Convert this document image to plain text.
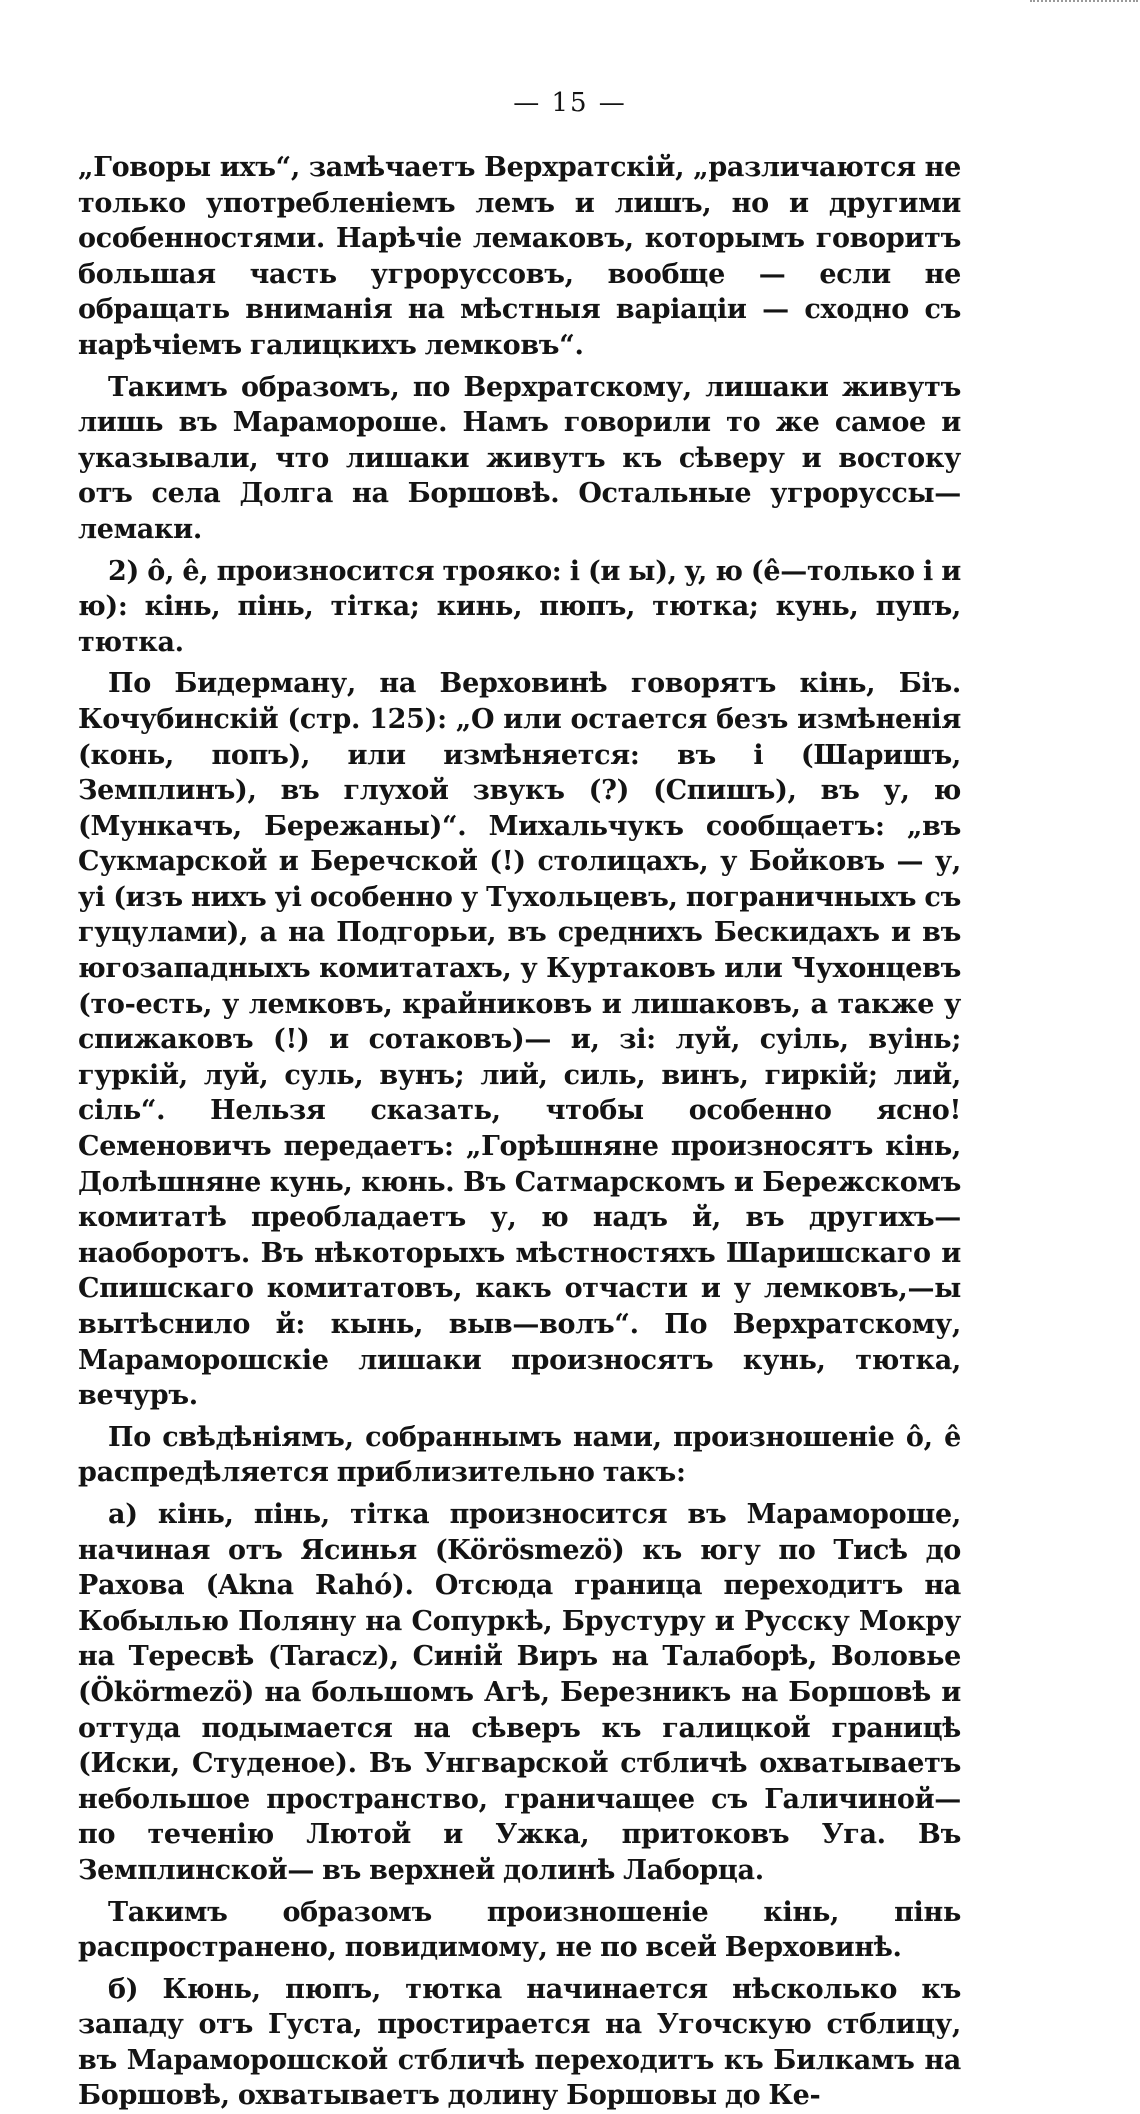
— 15 —

„Говоры ихъ“, замѣчаетъ Верхратскій, „различаются не только употребленіемъ лемъ и лишъ, но и другими особенностями. Нарѣчіе лемаковъ, которымъ говоритъ большая часть угроруссовъ, вообще — если не обращать вниманія на мѣстныя варіаціи — сходно съ нарѣчіемъ галицкихъ лемковъ“.

Такимъ образомъ, по Верхратскому, лишаки живутъ лишь въ Марамороше. Намъ говорили то же самое и указывали, что лишаки живутъ къ сѣверу и востоку отъ села Долга на Боршовѣ. Остальные угроруссы—лемаки.

2) ô, ê, произносится трояко: i (и ы), y, ю (ê—только i и ю): кінь, пінь, тітка; кинь, пюпъ, тютка; кунь, пупъ, тютка.

По Бидерману, на Верховинѣ говорятъ кінь, Біъ. Кочубинскій (стр. 125): „О или остается безъ измѣненія (конь, попъ), или измѣняется: въ і (Шаришъ, Земплинъ), въ глухой звукъ (?) (Спишъ), въ у, ю (Мункачъ, Бережаны)“. Михальчукъ сообщаетъ: „въ Сукмарской и Берeчской (!) столицахъ, у Бойковъ — у, уі (изъ нихъ уі особенно у Тухольцевъ, пограничныхъ съ гуцулами), а на Подгорьи, въ среднихъ Бескидахъ и въ югозападныхъ комитатахъ, у Куртаковъ или Чухонцевъ (то-есть, у лемковъ, крайниковъ и лишаковъ, а также у спижаковъ (!) и сотаковъ)— и, зі: луй, суіль, вуінь; гуркій, луй, суль, вунъ; лий, силь, винъ, гиркій; лий, сіль“. Нельзя сказать, чтобы особенно ясно! Семеновичъ передаетъ: „Горѣшняне произносятъ кінь, Долѣшняне кунь, кюнь. Въ Сатмарскомъ и Бережскомъ комитатѣ преобладаетъ у, ю надъ й, въ другихъ—наоборотъ. Въ нѣкоторыхъ мѣстностяхъ Шаришскаго и Спишскаго комитатовъ, какъ отчасти и у лемковъ,—ы вытѣснило й: кынь, выв—волъ“. По Верхратскому, Мараморошскіе лишаки произносятъ кунь, тютка, вечуръ.

По свѣдѣніямъ, собраннымъ нами, произношеніе ô, ê распредѣляется приблизительно такъ:

а) кінь, пінь, тітка произносится въ Марамороше, начиная отъ Ясинья (Körösmezö) къ югу по Тисѣ до Рахова (Akna Rahó). Отсюда граница переходитъ на Кобылью Поляну на Сопуркѣ, Брустуру и Русску Мокру на Тересвѣ (Taracz), Синій Виръ на Талаборѣ, Воловье (Ökörmezö) на большомъ Агѣ, Березникъ на Боршовѣ и оттуда подымается на сѣверъ къ галицкой границѣ (Иски, Студеное). Въ Унгварской стбличѣ охватываетъ небольшое пространство, граничащее съ Галичиной—по теченію Лютой и Ужка, притоковъ Уга. Въ Земплинской— въ верхней долинѣ Лаборца.

Такимъ образомъ произношеніе кінь, пінь распространено, повидимому, не по всей Верховинѣ.

б) Кюнь, пюпъ, тютка начинается нѣсколько къ западу отъ Густа, простирается на Угочскую стблицу, въ Мараморошской стбличѣ переходитъ къ Билкамъ на Боршовѣ, охватываетъ долину Боршовы до Ке-
